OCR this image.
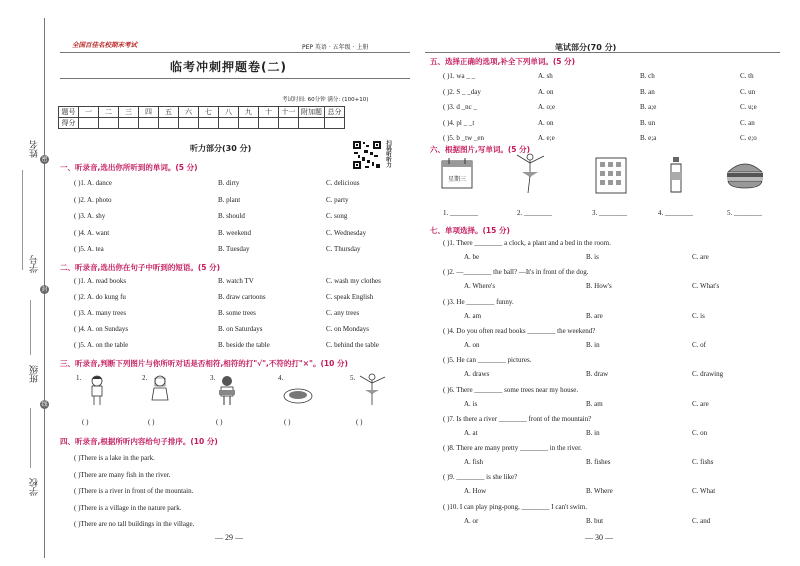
姓名
学号
班级
学校
密
封
线
全国百佳名校期末考试	PEP 英语 · 五年级 · 上册
临考冲刺押题卷(二)
考试时间: 60分钟 满分: (100+10)
题号	一	二	三	四	五	六	七	八	九	十	十一	附加题	总分
得分													
扫码听听力
听力部分(30 分)
一、听录音,选出你所听到的单词。(5 分)
( )1. A. dance	B. dirty	C. delicious
( )2. A. photo	B. plant	C. party
( )3. A. shy	B. should	C. song
( )4. A. want	B. weekend	C. Wednesday
( )5. A. tea	B. Tuesday	C. Thursday
二、听录音,选出你在句子中听到的短语。(5 分)
( )1. A. read books	B. watch TV	C. wash my clothes
( )2. A. do kung fu	B. draw cartoons	C. speak English
( )3. A. many trees	B. some trees	C. any trees
( )4. A. on Sundays	B. on Saturdays	C. on Mondays
( )5. A. on the table	B. beside the table	C. behind the table
三、听录音,判断下列图片与你所听对话是否相符,相符的打"√",不符的打"×"。(10 分)
1.	2.	3.	4.	5.
( )	( )	( )	( )	( )
四、听录音,根据所听内容给句子排序。(10 分)
( )There is a lake in the park.
( )There are many fish in the river.
( )There is a river in front of the mountain.
( )There is a village in the nature park.
( )There are no tall buildings in the village.
— 29 —
笔试部分(70 分)
五、选择正确的选项,补全下列单词。(5 分)
( )1. wa _ _	A. sh	B. ch	C. th
( )2. S _ _day	A. on	B. an	C. un
( )3. d _nc _	A. o;e	B. a;e	C. u;e
( )4. pl _ _t	A. on	B. un	C. an
( )5. b _tw _en	A. e;e	B. e;a	C. e;o
六、根据图片,写单词。(5 分)
星期三
1. ________	2. ________	3. ________	4. ________	5. ________
七、单项选择。(15 分)
( )1. There ________ a clock, a plant and a bed in the room.
A. be	B. is	C. are
( )2. —________ the ball? —It's in front of the dog.
A. Where's	B. How's	C. What's
( )3. He ________ funny.
A. am	B. are	C. is
( )4. Do you often read books ________ the weekend?
A. on	B. in	C. of
( )5. He can ________ pictures.
A. draws	B. draw	C. drawing
( )6. There ________ some trees near my house.
A. is	B. am	C. are
( )7. Is there a river ________ front of the mountain?
A. at	B. in	C. on
( )8. There are many pretty ________ in the river.
A. fish	B. fishes	C. fishs
( )9. ________ is she like?
A. How	B. Where	C. What
( )10. I can play ping-pong, ________ I can't swim.
A. or	B. but	C. and
— 30 —
